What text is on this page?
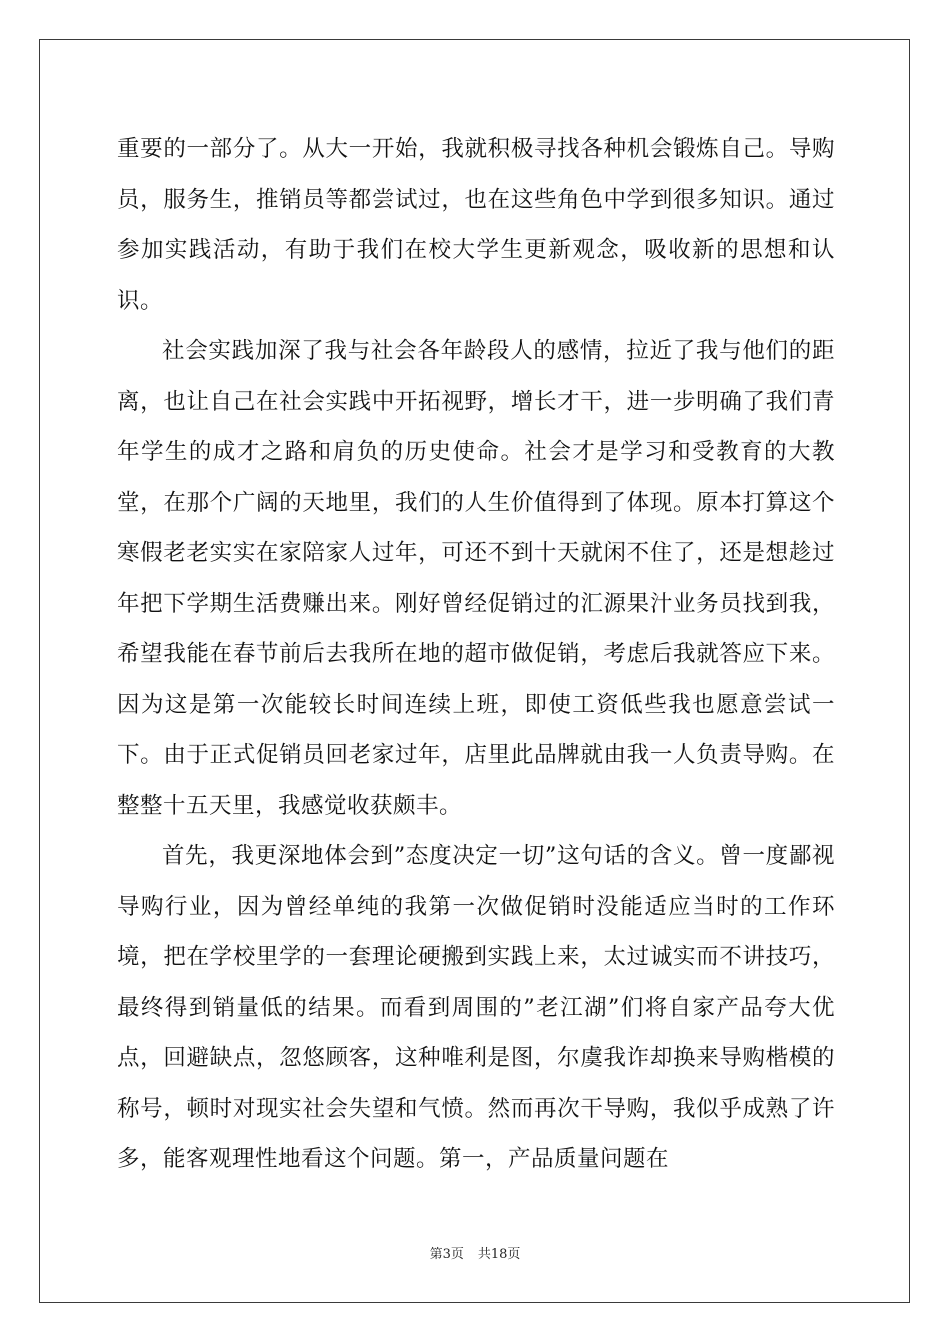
重要的一部分了。从大一开始，我就积极寻找各种机会锻炼自己。导购员，服务生，推销员等都尝试过，也在这些角色中学到很多知识。通过参加实践活动，有助于我们在校大学生更新观念，吸收新的思想和认识。

社会实践加深了我与社会各年龄段人的感情，拉近了我与他们的距离，也让自己在社会实践中开拓视野，增长才干，进一步明确了我们青年学生的成才之路和肩负的历史使命。社会才是学习和受教育的大教堂，在那个广阔的天地里，我们的人生价值得到了体现。原本打算这个寒假老老实实在家陪家人过年，可还不到十天就闲不住了，还是想趁过年把下学期生活费赚出来。刚好曾经促销过的汇源果汁业务员找到我，希望我能在春节前后去我所在地的超市做促销，考虑后我就答应下来。因为这是第一次能较长时间连续上班，即使工资低些我也愿意尝试一下。由于正式促销员回老家过年，店里此品牌就由我一人负责导购。在整整十五天里，我感觉收获颇丰。

首先，我更深地体会到”态度决定一切”这句话的含义。曾一度鄙视导购行业，因为曾经单纯的我第一次做促销时没能适应当时的工作环境，把在学校里学的一套理论硬搬到实践上来，太过诚实而不讲技巧，最终得到销量低的结果。而看到周围的”老江湖”们将自家产品夸大优点，回避缺点，忽悠顾客，这种唯利是图，尔虞我诈却换来导购楷模的称号，顿时对现实社会失望和气愤。然而再次干导购，我似乎成熟了许多，能客观理性地看这个问题。第一，产品质量问题在

第3页 共18页
